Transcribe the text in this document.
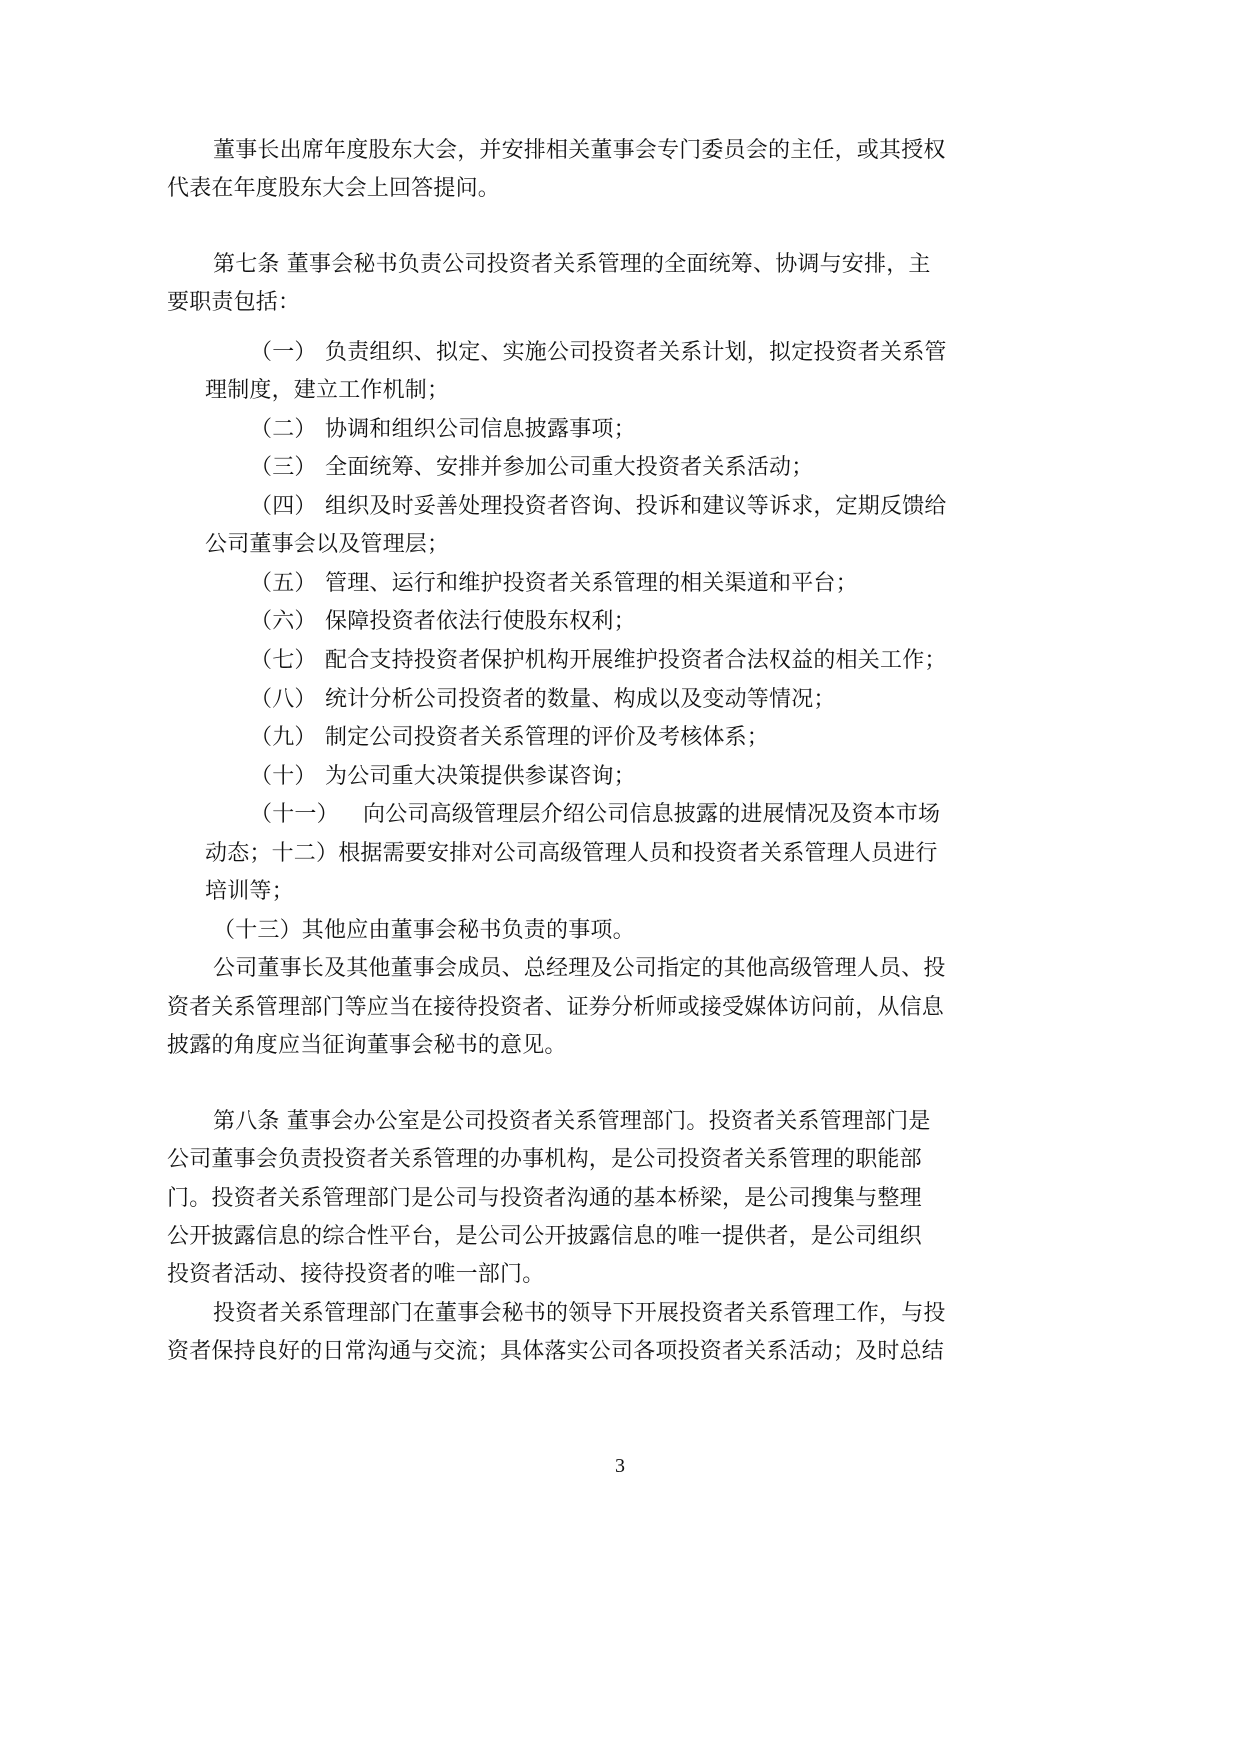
董事长出席年度股东大会，并安排相关董事会专门委员会的主任，或其授权
代表在年度股东大会上回答提问。
第七条 董事会秘书负责公司投资者关系管理的全面统筹、协调与安排，主
要职责包括：
（一） 负责组织、拟定、实施公司投资者关系计划，拟定投资者关系管
理制度，建立工作机制；
（二） 协调和组织公司信息披露事项；
（三） 全面统筹、安排并参加公司重大投资者关系活动；
（四） 组织及时妥善处理投资者咨询、投诉和建议等诉求，定期反馈给
公司董事会以及管理层；
（五） 管理、运行和维护投资者关系管理的相关渠道和平台；
（六） 保障投资者依法行使股东权利；
（七） 配合支持投资者保护机构开展维护投资者合法权益的相关工作；
（八） 统计分析公司投资者的数量、构成以及变动等情况；
（九） 制定公司投资者关系管理的评价及考核体系；
（十） 为公司重大决策提供参谋咨询；
（十一） 向公司高级管理层介绍公司信息披露的进展情况及资本市场
动态；十二）根据需要安排对公司高级管理人员和投资者关系管理人员进行
培训等；
（十三）其他应由董事会秘书负责的事项。
公司董事长及其他董事会成员、总经理及公司指定的其他高级管理人员、投
资者关系管理部门等应当在接待投资者、证券分析师或接受媒体访问前，从信息
披露的角度应当征询董事会秘书的意见。
第八条 董事会办公室是公司投资者关系管理部门。投资者关系管理部门是
公司董事会负责投资者关系管理的办事机构，是公司投资者关系管理的职能部
门。投资者关系管理部门是公司与投资者沟通的基本桥梁，是公司搜集与整理
公开披露信息的综合性平台，是公司公开披露信息的唯一提供者，是公司组织
投资者活动、接待投资者的唯一部门。
投资者关系管理部门在董事会秘书的领导下开展投资者关系管理工作，与投
资者保持良好的日常沟通与交流；具体落实公司各项投资者关系活动；及时总结
3
